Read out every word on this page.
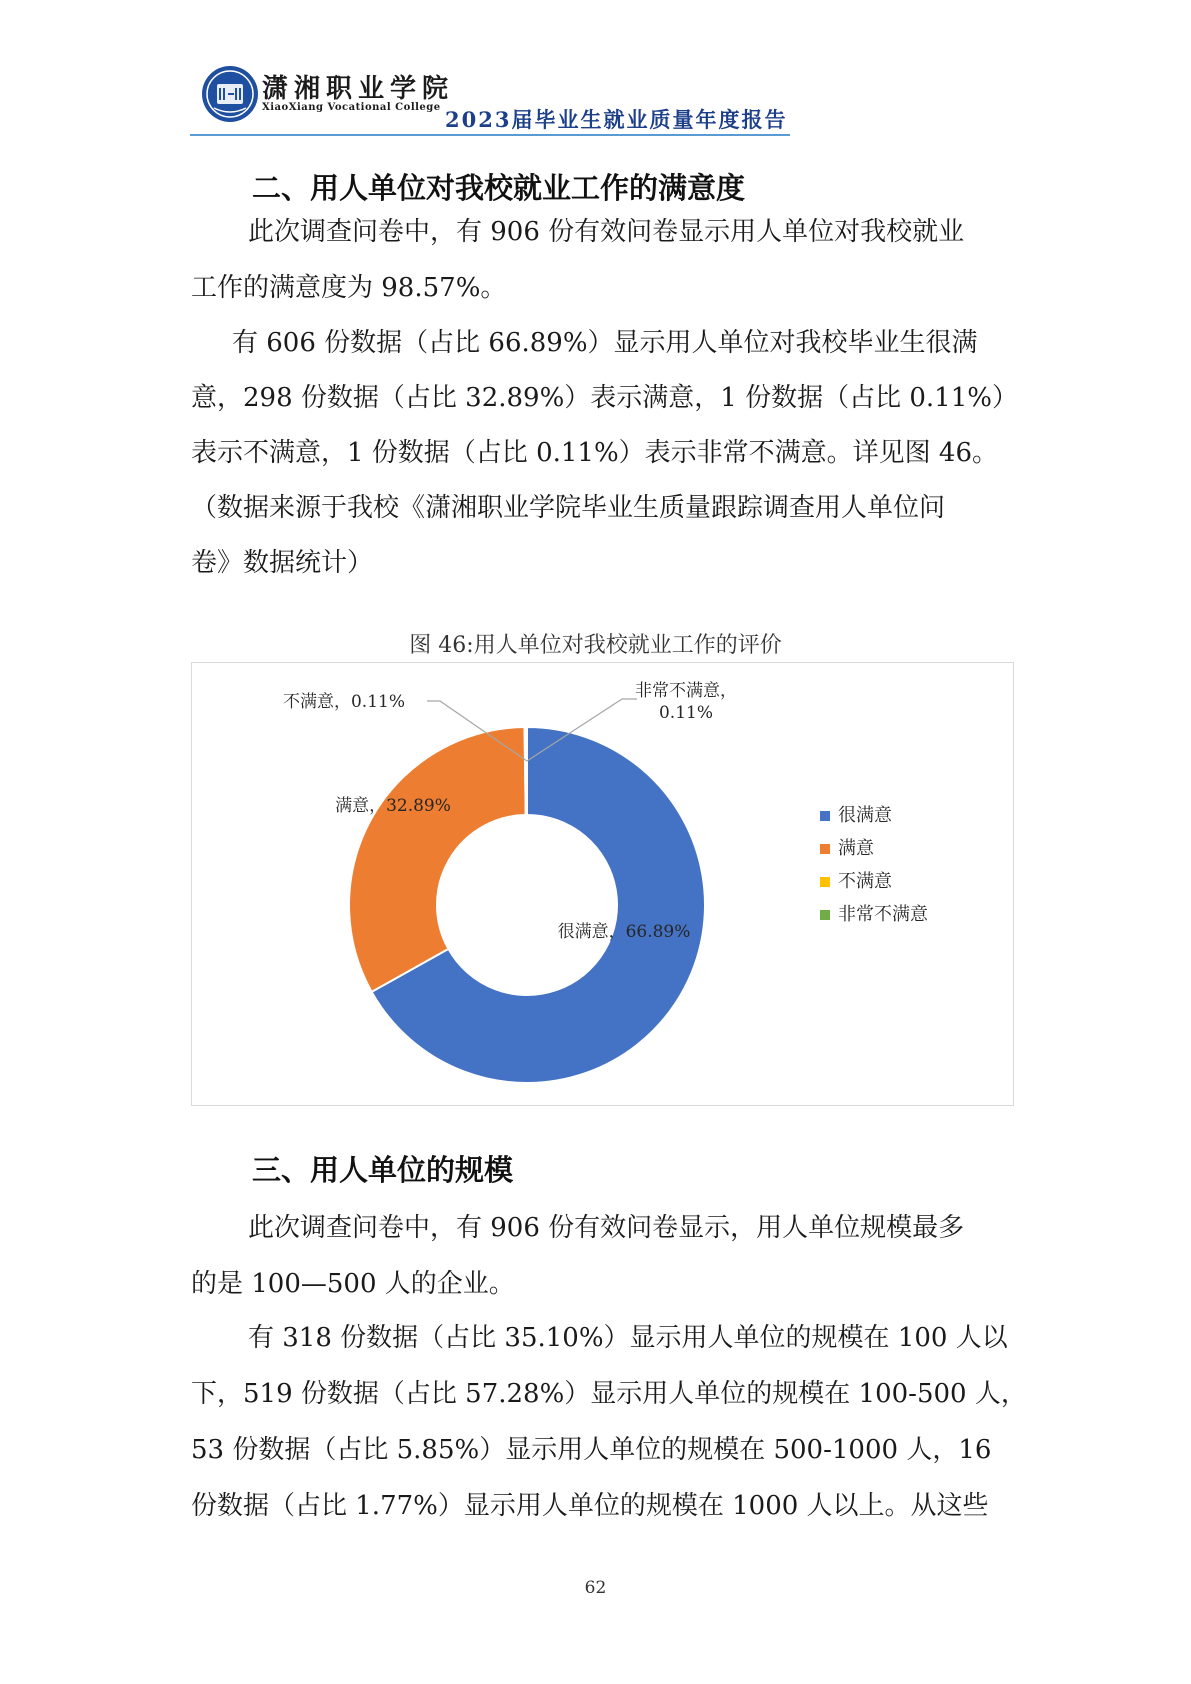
潇湘职业学院
XiaoXiang Vocational College 2023届毕业生就业质量年度报告
二、用人单位对我校就业工作的满意度
此次调查问卷中，有 906 份有效问卷显示用人单位对我校就业
工作的满意度为 98.57%。
有 606 份数据（占比 66.89%）显示用人单位对我校毕业生很满
意，298 份数据（占比 32.89%）表示满意，1 份数据（占比 0.11%）
表示不满意，1 份数据（占比 0.11%）表示非常不满意。详见图 46。
（数据来源于我校《潇湘职业学院毕业生质量跟踪调查用人单位问
卷》数据统计）
图 46:用人单位对我校就业工作的评价
很满意，66.89%
满意，32.89%
不满意，0.11%
非常不满意， 0.11%
很满意
满意
不满意
非常不满意
三、用人单位的规模
此次调查问卷中，有 906 份有效问卷显示，用人单位规模最多
的是 100—500 人的企业。
有 318 份数据（占比 35.10%）显示用人单位的规模在 100 人以
下，519 份数据（占比 57.28%）显示用人单位的规模在 100-500 人，
53 份数据（占比 5.85%）显示用人单位的规模在 500-1000 人，16
份数据（占比 1.77%）显示用人单位的规模在 1000 人以上。从这些
62
